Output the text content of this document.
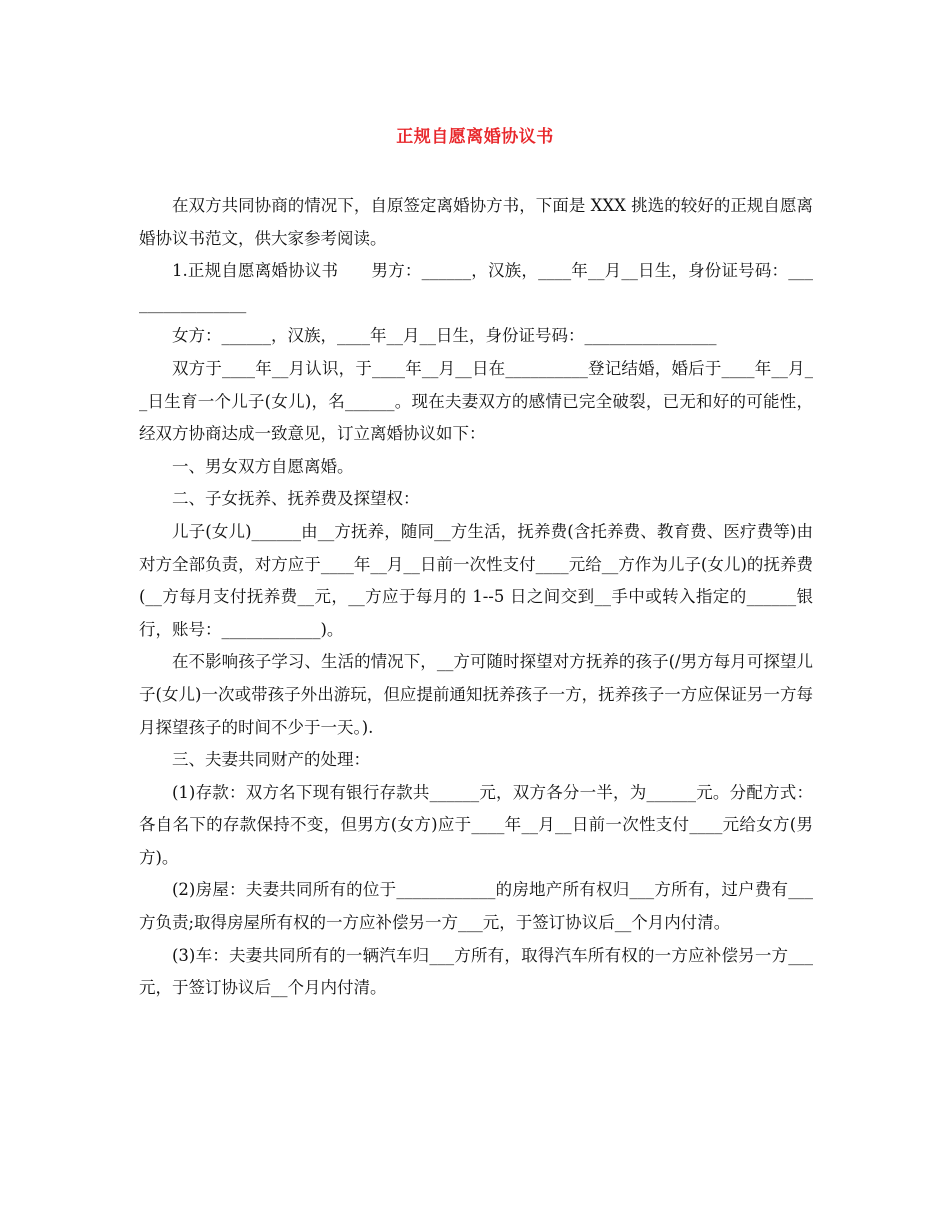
正规自愿离婚协议书

在双方共同协商的情况下，自原签定离婚协方书，下面是 XXX 挑选的较好的正规自愿离婚协议书范文，供大家参考阅读。

1.正规自愿离婚协议书　　男方：______，汉族，____年__月__日生，身份证号码：________________

女方：______，汉族，____年__月__日生，身份证号码：________________

双方于____年__月认识，于____年__月__日在__________登记结婚，婚后于____年__月__日生育一个儿子(女儿)，名______。现在夫妻双方的感情已完全破裂，已无和好的可能性，经双方协商达成一致意见，订立离婚协议如下：

一、男女双方自愿离婚。

二、子女抚养、抚养费及探望权：

儿子(女儿)______由__方抚养，随同__方生活，抚养费(含托养费、教育费、医疗费等)由对方全部负责，对方应于____年__月__日前一次性支付____元给__方作为儿子(女儿)的抚养费(__方每月支付抚养费__元，__方应于每月的 1--5 日之间交到__手中或转入指定的______银行，账号：____________)。

在不影响孩子学习、生活的情况下，__方可随时探望对方抚养的孩子(/男方每月可探望儿子(女儿)一次或带孩子外出游玩，但应提前通知抚养孩子一方，抚养孩子一方应保证另一方每月探望孩子的时间不少于一天。).

三、夫妻共同财产的处理：

(1)存款：双方名下现有银行存款共______元，双方各分一半，为______元。分配方式：各自名下的存款保持不变，但男方(女方)应于____年__月__日前一次性支付____元给女方(男方)。

(2)房屋：夫妻共同所有的位于____________的房地产所有权归___方所有，过户费有___方负责;取得房屋所有权的一方应补偿另一方___元，于签订协议后__个月内付清。

(3)车：夫妻共同所有的一辆汽车归___方所有，取得汽车所有权的一方应补偿另一方___元，于签订协议后__个月内付清。
